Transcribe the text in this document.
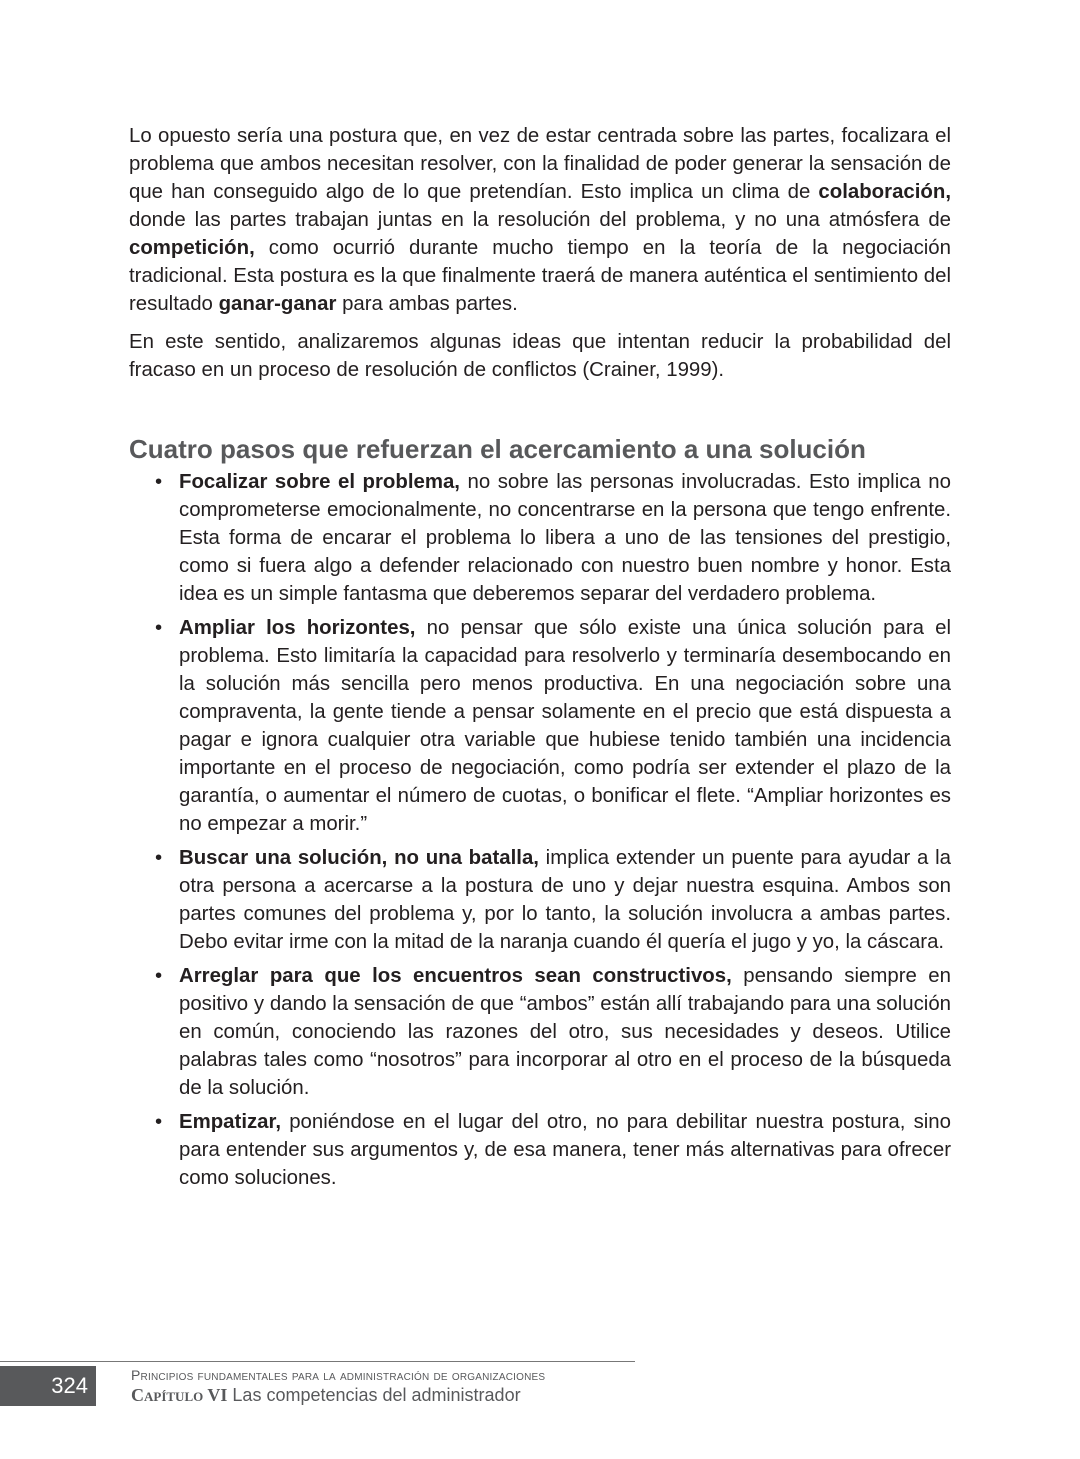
Lo opuesto sería una postura que, en vez de estar centrada sobre las partes, focalizara el problema que ambos necesitan resolver, con la finalidad de poder generar la sensación de que han conseguido algo de lo que pretendían. Esto implica un clima de colaboración, donde las partes trabajan juntas en la resolución del problema, y no una atmósfera de competición, como ocurrió durante mucho tiempo en la teoría de la negociación tradicional. Esta postura es la que finalmente traerá de manera auténtica el sentimiento del resultado ganar-ganar para ambas partes.

En este sentido, analizaremos algunas ideas que intentan reducir la probabilidad del fracaso en un proceso de resolución de conflictos (Crainer, 1999).

Cuatro pasos que refuerzan el acercamiento a una solución
• Focalizar sobre el problema, no sobre las personas involucradas. Esto implica no comprometerse emocionalmente, no concentrarse en la persona que tengo enfrente. Esta forma de encarar el problema lo libera a uno de las tensiones del prestigio, como si fuera algo a defender relacionado con nuestro buen nombre y honor. Esta idea es un simple fantasma que deberemos separar del verdadero problema.
• Ampliar los horizontes, no pensar que sólo existe una única solución para el problema. Esto limitaría la capacidad para resolverlo y terminaría desembocando en la solución más sencilla pero menos productiva. En una negociación sobre una compraventa, la gente tiende a pensar solamente en el precio que está dispuesta a pagar e ignora cualquier otra variable que hubiese tenido también una incidencia importante en el proceso de negociación, como podría ser extender el plazo de la garantía, o aumentar el número de cuotas, o bonificar el flete. “Ampliar horizontes es no empezar a morir.”
• Buscar una solución, no una batalla, implica extender un puente para ayudar a la otra persona a acercarse a la postura de uno y dejar nuestra esquina. Ambos son partes comunes del problema y, por lo tanto, la solución involucra a ambas partes. Debo evitar irme con la mitad de la naranja cuando él quería el jugo y yo, la cáscara.
• Arreglar para que los encuentros sean constructivos, pensando siempre en positivo y dando la sensación de que “ambos” están allí trabajando para una solución en común, conociendo las razones del otro, sus necesidades y deseos. Utilice palabras tales como “nosotros” para incorporar al otro en el proceso de la búsqueda de la solución.
• Empatizar, poniéndose en el lugar del otro, no para debilitar nuestra postura, sino para entender sus argumentos y, de esa manera, tener más alternativas para ofrecer como soluciones.
324	Principios fundamentales para la administración de organizaciones
Capítulo VI Las competencias del administrador
